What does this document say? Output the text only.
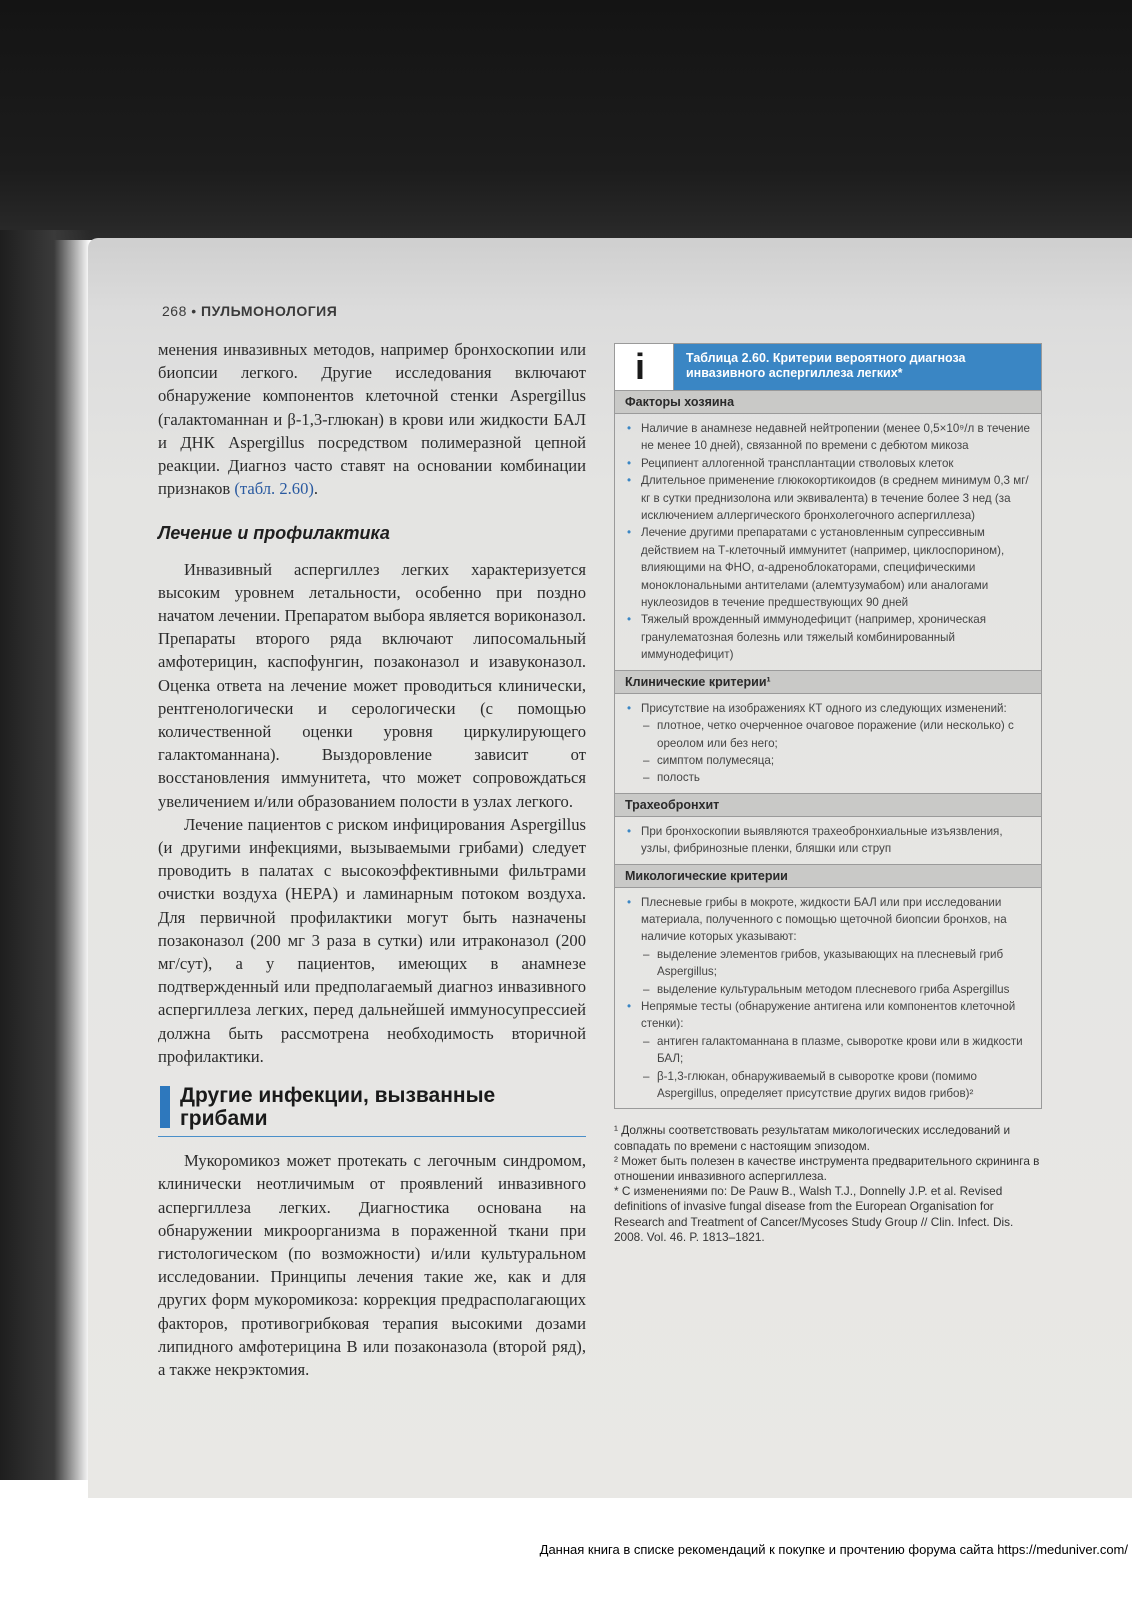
268 • ПУЛЬМОНОЛОГИЯ

менения инвазивных методов, например бронхоскопии или биопсии легкого. Другие исследования включают обнаружение компонентов клеточной стенки Aspergillus (галактоманнан и β-1,3-глюкан) в крови или жидкости БАЛ и ДНК Aspergillus посредством полимеразной цепной реакции. Диагноз часто ставят на основании комбинации признаков (табл. 2.60).

Лечение и профилактика

Инвазивный аспергиллез легких характеризуется высоким уровнем летальности, особенно при поздно начатом лечении. Препаратом выбора является вориконазол. Препараты второго ряда включают липосомальный амфотерицин, каспофунгин, позаконазол и изавуконазол. Оценка ответа на лечение может проводиться клинически, рентгенологически и серологически (с помощью количественной оценки уровня циркулирующего галактоманнана). Выздоровление зависит от восстановления иммунитета, что может сопровождаться увеличением и/или образованием полости в узлах легкого.

Лечение пациентов с риском инфицирования Aspergillus (и другими инфекциями, вызываемыми грибами) следует проводить в палатах с высокоэффективными фильтрами очистки воздуха (HEPA) и ламинарным потоком воздуха. Для первичной профилактики могут быть назначены позаконазол (200 мг 3 раза в сутки) или итраконазол (200 мг/сут), а у пациентов, имеющих в анамнезе подтвержденный или предполагаемый диагноз инвазивного аспергиллеза легких, перед дальнейшей иммуносупрессией должна быть рассмотрена необходимость вторичной профилактики.

Другие инфекции, вызванные
грибами

Мукоромикоз может протекать с легочным синдромом, клинически неотличимым от проявлений инвазивного аспергиллеза легких. Диагностика основана на обнаружении микроорганизма в пораженной ткани при гистологическом (по возможности) и/или культуральном исследовании. Принципы лечения такие же, как и для других форм мукоромикоза: коррекция предрасполагающих факторов, противогрибковая терапия высокими дозами липидного амфотерицина B или позаконазола (второй ряд), а также некрэктомия.

i	Таблица 2.60. Критерии вероятного диагноза
инвазивного аспергиллеза легких*
Факторы хозяина
• Наличие в анамнезе недавней нейтропении (менее 0,5×10⁹/л в течение не менее 10 дней), связанной по времени с дебютом микоза
• Реципиент аллогенной трансплантации стволовых клеток
• Длительное применение глюкокортикоидов (в среднем минимум 0,3 мг/кг в сутки преднизолона или эквивалента) в течение более 3 нед (за исключением аллергического бронхолегочного аспергиллеза)
• Лечение другими препаратами с установленным супрессивным действием на Т-клеточный иммунитет (например, циклоспорином), влияющими на ФНО, α-адреноблокаторами, специфическими моноклональными антителами (алемтузумабом) или аналогами нуклеозидов в течение предшествующих 90 дней
• Тяжелый врожденный иммунодефицит (например, хроническая гранулематозная болезнь или тяжелый комбинированный иммунодефицит)
Клинические критерии¹
• Присутствие на изображениях КТ одного из следующих изменений:
– плотное, четко очерченное очаговое поражение (или несколько) с ореолом или без него;
– симптом полумесяца;
– полость
Трахеобронхит
• При бронхоскопии выявляются трахеобронхиальные изъязвления, узлы, фибринозные пленки, бляшки или струп
Микологические критерии
• Плесневые грибы в мокроте, жидкости БАЛ или при исследовании материала, полученного с помощью щеточной биопсии бронхов, на наличие которых указывают:
– выделение элементов грибов, указывающих на плесневый гриб Aspergillus;
– выделение культуральным методом плесневого гриба Aspergillus
• Непрямые тесты (обнаружение антигена или компонентов клеточной стенки):
– антиген галактоманнана в плазме, сыворотке крови или в жидкости БАЛ;
– β-1,3-глюкан, обнаруживаемый в сыворотке крови (помимо Aspergillus, определяет присутствие других видов грибов)²

¹ Должны соответствовать результатам микологических исследований и совпадать по времени с настоящим эпизодом.

² Может быть полезен в качестве инструмента предварительного скрининга в отношении инвазивного аспергиллеза.

* С изменениями по: De Pauw B., Walsh T.J., Donnelly J.P. et al. Revised definitions of invasive fungal disease from the European Organisation for Research and Treatment of Cancer/Mycoses Study Group // Clin. Infect. Dis. 2008. Vol. 46. P. 1813–1821.

Данная книга в списке рекомендаций к покупке и прочтению форума сайта https://meduniver.com/
